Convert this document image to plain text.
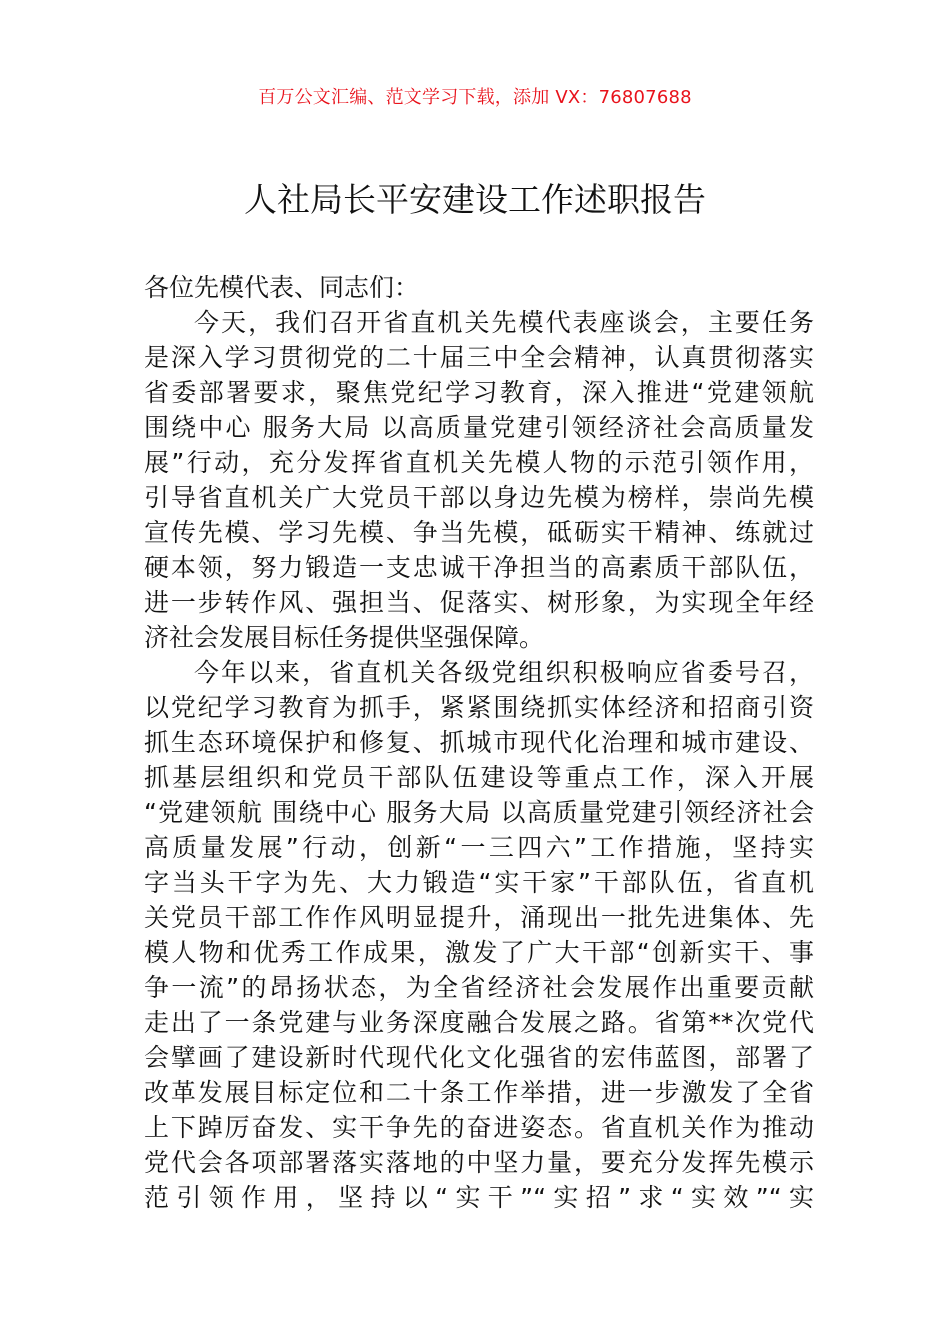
百万公文汇编、范文学习下载，添加 VX：76807688
人社局长平安建设工作述职报告

各位先模代表、同志们：

今天，我们召开省直机关先模代表座谈会，主要任务
是深入学习贯彻党的二十届三中全会精神，认真贯彻落实
省委部署要求，聚焦党纪学习教育，深入推进“党建领航
围绕中心 服务大局 以高质量党建引领经济社会高质量发
展”行动，充分发挥省直机关先模人物的示范引领作用，
引导省直机关广大党员干部以身边先模为榜样，崇尚先模
宣传先模、学习先模、争当先模，砥砺实干精神、练就过
硬本领，努力锻造一支忠诚干净担当的高素质干部队伍，
进一步转作风、强担当、促落实、树形象，为实现全年经
济社会发展目标任务提供坚强保障。
今年以来，省直机关各级党组织积极响应省委号召，
以党纪学习教育为抓手，紧紧围绕抓实体经济和招商引资
抓生态环境保护和修复、抓城市现代化治理和城市建设、
抓基层组织和党员干部队伍建设等重点工作，深入开展
“党建领航 围绕中心 服务大局 以高质量党建引领经济社会
高质量发展”行动，创新“一三四六”工作措施，坚持实
字当头干字为先、大力锻造“实干家”干部队伍，省直机
关党员干部工作作风明显提升，涌现出一批先进集体、先
模人物和优秀工作成果，激发了广大干部“创新实干、事
争一流”的昂扬状态，为全省经济社会发展作出重要贡献
走出了一条党建与业务深度融合发展之路。省第**次党代
会擘画了建设新时代现代化文化强省的宏伟蓝图，部署了
改革发展目标定位和二十条工作举措，进一步激发了全省
上下踔厉奋发、实干争先的奋进姿态。省直机关作为推动
党代会各项部署落实落地的中坚力量，要充分发挥先模示
范引领作用，坚持以“实干”“实招”求“实效”“实
